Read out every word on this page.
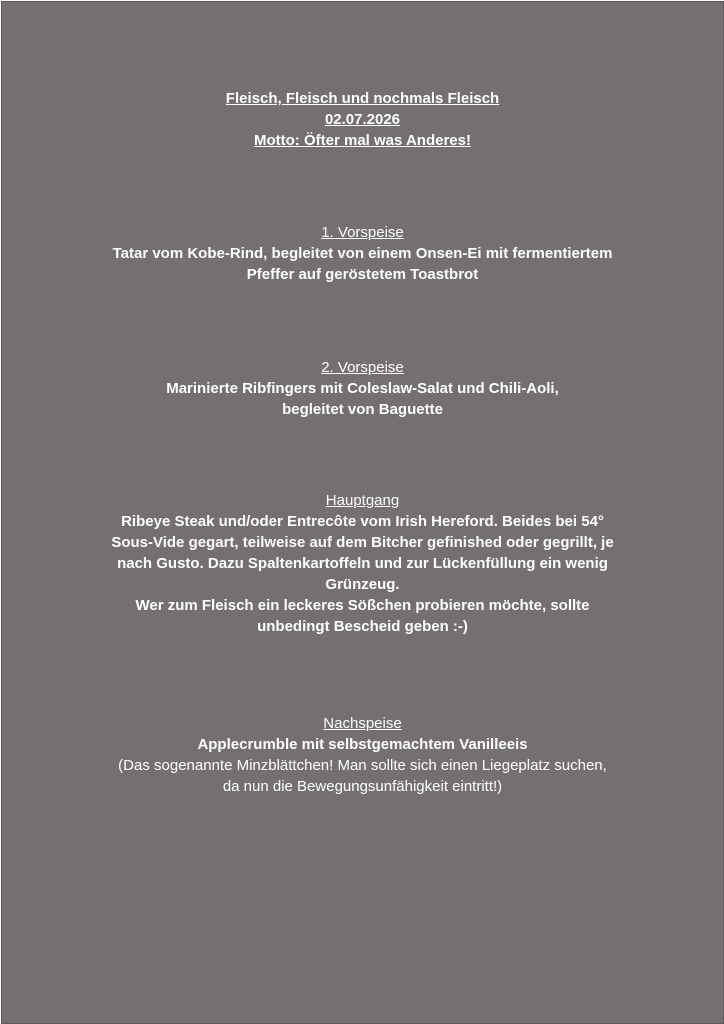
Fleisch, Fleisch und nochmals Fleisch
02.07.2026
Motto: Öfter mal was Anderes!
1. Vorspeise
Tatar vom Kobe-Rind, begleitet von einem Onsen-Ei mit fermentiertem
Pfeffer auf geröstetem Toastbrot
2. Vorspeise
Marinierte Ribfingers mit Coleslaw-Salat und Chili-Aoli,
begleitet von Baguette
Hauptgang
Ribeye Steak und/oder Entrecôte vom Irish Hereford. Beides bei 54°
Sous-Vide gegart, teilweise auf dem Bitcher gefinished oder gegrillt, je
nach Gusto. Dazu Spaltenkartoffeln und zur Lückenfüllung ein wenig
Grünzeug.
Wer zum Fleisch ein leckeres Sößchen probieren möchte, sollte
unbedingt Bescheid geben :-)
Nachspeise
Applecrumble mit selbstgemachtem Vanilleeis
(Das sogenannte Minzblättchen! Man sollte sich einen Liegeplatz suchen,
da nun die Bewegungsunfähigkeit eintritt!)
